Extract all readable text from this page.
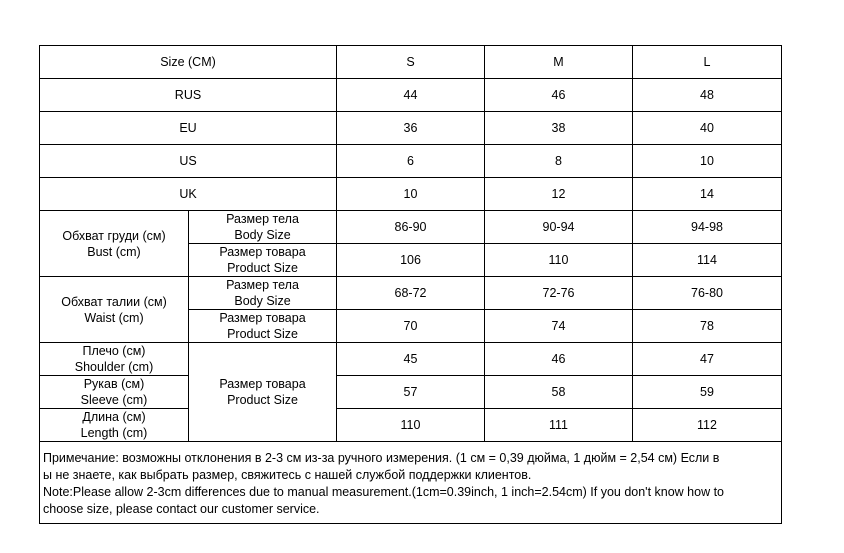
Size (CM)		S	M	L
RUS		44	46	48
EU		36	38	40
US		6	8	10
UK		10	12	14

Обхват груди (см)
Bust (cm)	Размер тела
Body Size	86-90	90-94	94-98

	Размер товара
Product Size	106	110	114

Обхват талии (см)
Waist (cm)	Размер тела
Body Size	68-72	72-76	76-80

	Размер товара
Product Size	70	74	78

Плечо (см)
Shoulder (cm)	Размер товара
Product Size	45	46	47

Рукав (см)
Sleeve (cm)		57	58	59

Длина (см)
Length (cm)		110	111	112

Примечание: возможны отклонения в 2-3 см из-за ручного измерения. (1 см = 0,39 дюйма, 1 дюйм = 2,54 см) Если в
ы не знаете, как выбрать размер, свяжитесь с нашей службой поддержки клиентов.
Note:Please allow 2-3cm differences due to manual measurement.(1cm=0.39inch, 1 inch=2.54cm) If you don't know how to
choose size, please contact our customer service.				
